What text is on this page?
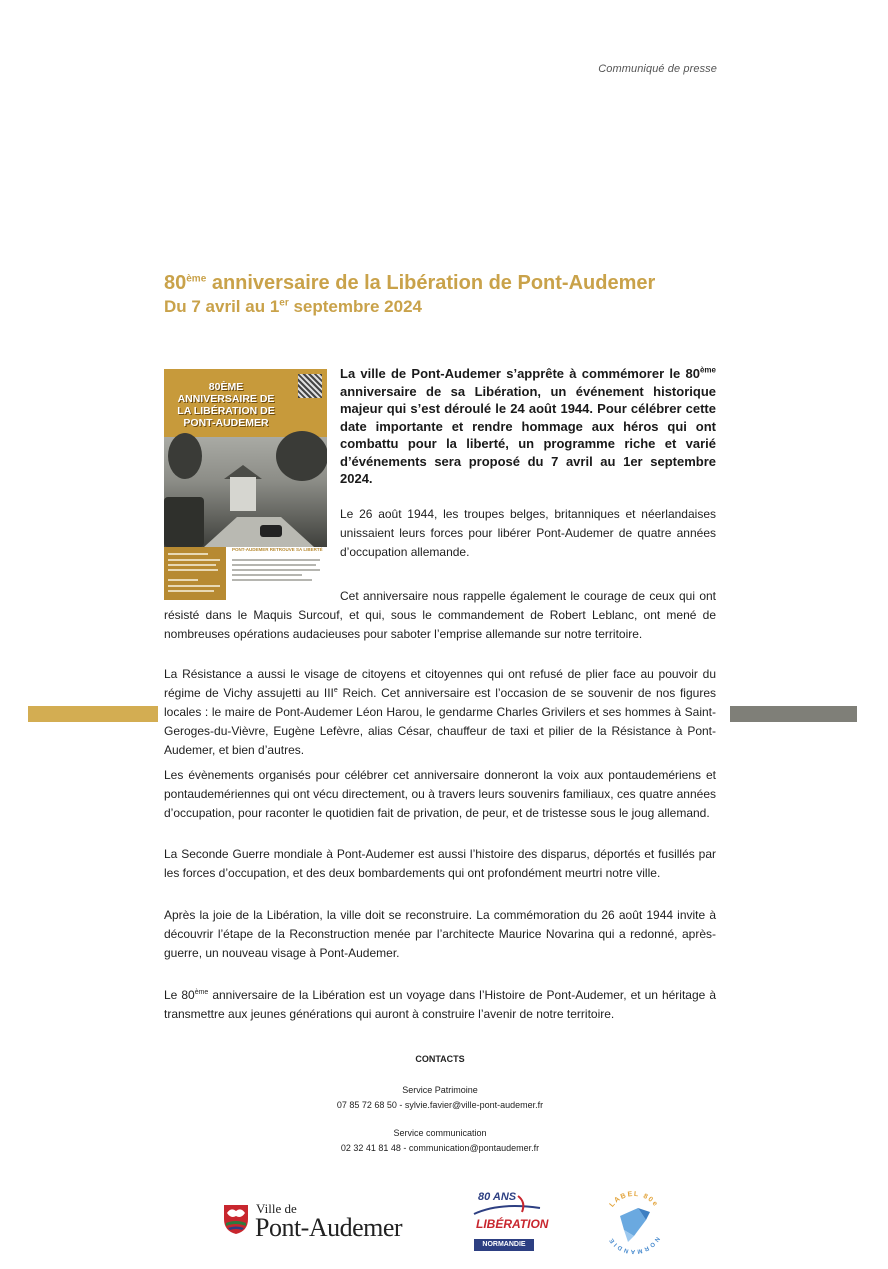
Communiqué de presse
80ème anniversaire de la Libération de Pont-Audemer
Du 7 avril au 1er septembre 2024
80ÈME ANNIVERSAIRE DE LA LIBÉRATION DE PONT-AUDEMER
PONT-AUDEMER RETROUVE SA LIBERTÉ
La ville de Pont-Audemer s’apprête à commémorer le 80ème anniversaire de sa Libération, un événement historique majeur qui s’est déroulé le 24 août 1944. Pour célébrer cette date importante et rendre hommage aux héros qui ont combattu pour la liberté, un programme riche et varié d’événements sera proposé du 7 avril au 1er septembre 2024.
Le 26 août 1944, les troupes belges, britanniques et néerlandaises unissaient leurs forces pour libérer Pont-Audemer de quatre années d’occupation allemande.
Cet anniversaire nous rappelle également le courage de ceux qui ont résisté dans le Maquis Surcouf, et qui, sous le commandement de Robert Leblanc, ont mené de nombreuses opérations audacieuses pour saboter l’emprise allemande sur notre territoire.
La Résistance a aussi le visage de citoyens et citoyennes qui ont refusé de plier face au pouvoir du régime de Vichy assujetti au IIIe Reich. Cet anniversaire est l’occasion de se souvenir de nos figures locales : le maire de Pont-Audemer Léon Harou, le gendarme Charles Grivilers et ses hommes à Saint-Geroges-du-Vièvre, Eugène Lefèvre, alias César, chauffeur de taxi et pilier de la Résistance à Pont-Audemer, et bien d’autres.
Les évènements organisés pour célébrer cet anniversaire donneront la voix aux pontaudemériens et pontaudemériennes qui ont vécu directement, ou à travers leurs souvenirs familiaux, ces quatre années d’occupation, pour raconter le quotidien fait de privation, de peur, et de tristesse sous le joug allemand.
La Seconde Guerre mondiale à Pont-Audemer est aussi l’histoire des disparus, déportés et fusillés par les forces d’occupation, et des deux bombardements qui ont profondément meurtri notre ville.
Après la joie de la Libération, la ville doit se reconstruire. La commémoration du 26 août 1944 invite à découvrir l’étape de la Reconstruction menée par l’architecte Maurice Novarina qui a redonné, après-guerre, un nouveau visage à Pont-Audemer.
Le 80ème anniversaire de la Libération est un voyage dans l’Histoire de Pont-Audemer, et un héritage à transmettre aux jeunes générations qui auront à construire l’avenir de notre territoire.
CONTACTS
Service Patrimoine
07 85 72 68 50 - sylvie.favier@ville-pont-audemer.fr
Service communication
02 32 41 81 48 - communication@pontaudemer.fr
Ville de
Pont-Audemer
80 ANS
LIBÉRATION
NORMANDIE
LABEL 80e
NORMANDIE
